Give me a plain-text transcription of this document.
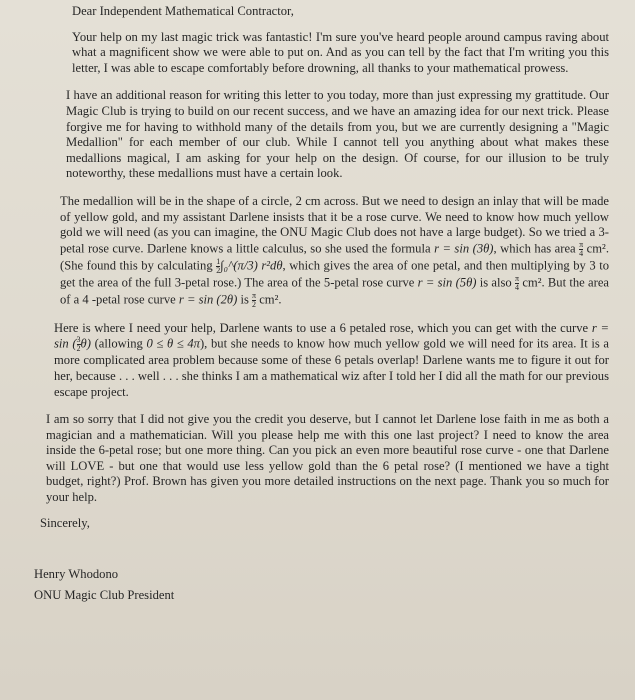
Dear Independent Mathematical Contractor,

Your help on my last magic trick was fantastic! I'm sure you've heard people around campus raving about what a magnificent show we were able to put on. And as you can tell by the fact that I'm writing you this letter, I was able to escape comfortably before drowning, all thanks to your mathematical prowess.

I have an additional reason for writing this letter to you today, more than just expressing my grattitude. Our Magic Club is trying to build on our recent success, and we have an amazing idea for our next trick. Please forgive me for having to withhold many of the details from you, but we are currently designing a "Magic Medallion" for each member of our club. While I cannot tell you anything about what makes these medallions magical, I am asking for your help on the design. Of course, for our illusion to be truly noteworthy, these medallions must have a certain look.

The medallion will be in the shape of a circle, 2 cm across. But we need to design an inlay that will be made of yellow gold, and my assistant Darlene insists that it be a rose curve. We need to know how much yellow gold we will need (as you can imagine, the ONU Magic Club does not have a large budget). So we tried a 3-petal rose curve. Darlene knows a little calculus, so she used the formula r = sin (3θ), which has area $\frac{\pi}{4} cm^2$. (She found this by calculating $\frac{1}{2}$ ∫₀^(π/3) r²dθ, which gives the area of one petal, and then multiplying by 3 to get the area of the full 3-petal rose.) The area of the 5-petal rose curve r = sin (5θ) is also $\frac{\pi}{4} cm^2$. But the area of a 4 -petal rose curve r = sin (2θ) is $\frac{\pi}{2} cm^2$.

Here is where I need your help, Darlene wants to use a 6 petaled rose, which you can get with the curve r = sin ( $\frac{3}{2} \theta$) (allowing 0 ≤ θ ≤ 4π), but she needs to know how much yellow gold we will need for its area. It is a more complicated area problem because some of these 6 petals overlap! Darlene wants me to figure it out for her, because . . . well . . . she thinks I am a mathematical wiz after I told her I did all the math for our previous escape project.

I am so sorry that I did not give you the credit you deserve, but I cannot let Darlene lose faith in me as both a magician and a mathematician. Will you please help me with this one last project? I need to know the area inside the 6-petal rose; but one more thing. Can you pick an even more beautiful rose curve - one that Darlene will LOVE - but one that would use less yellow gold than the 6 petal rose? (I mentioned we have a tight budget, right?) Prof. Brown has given you more detailed instructions on the next page. Thank you so much for your help.

Sincerely,

Henry Whodono

ONU Magic Club President
